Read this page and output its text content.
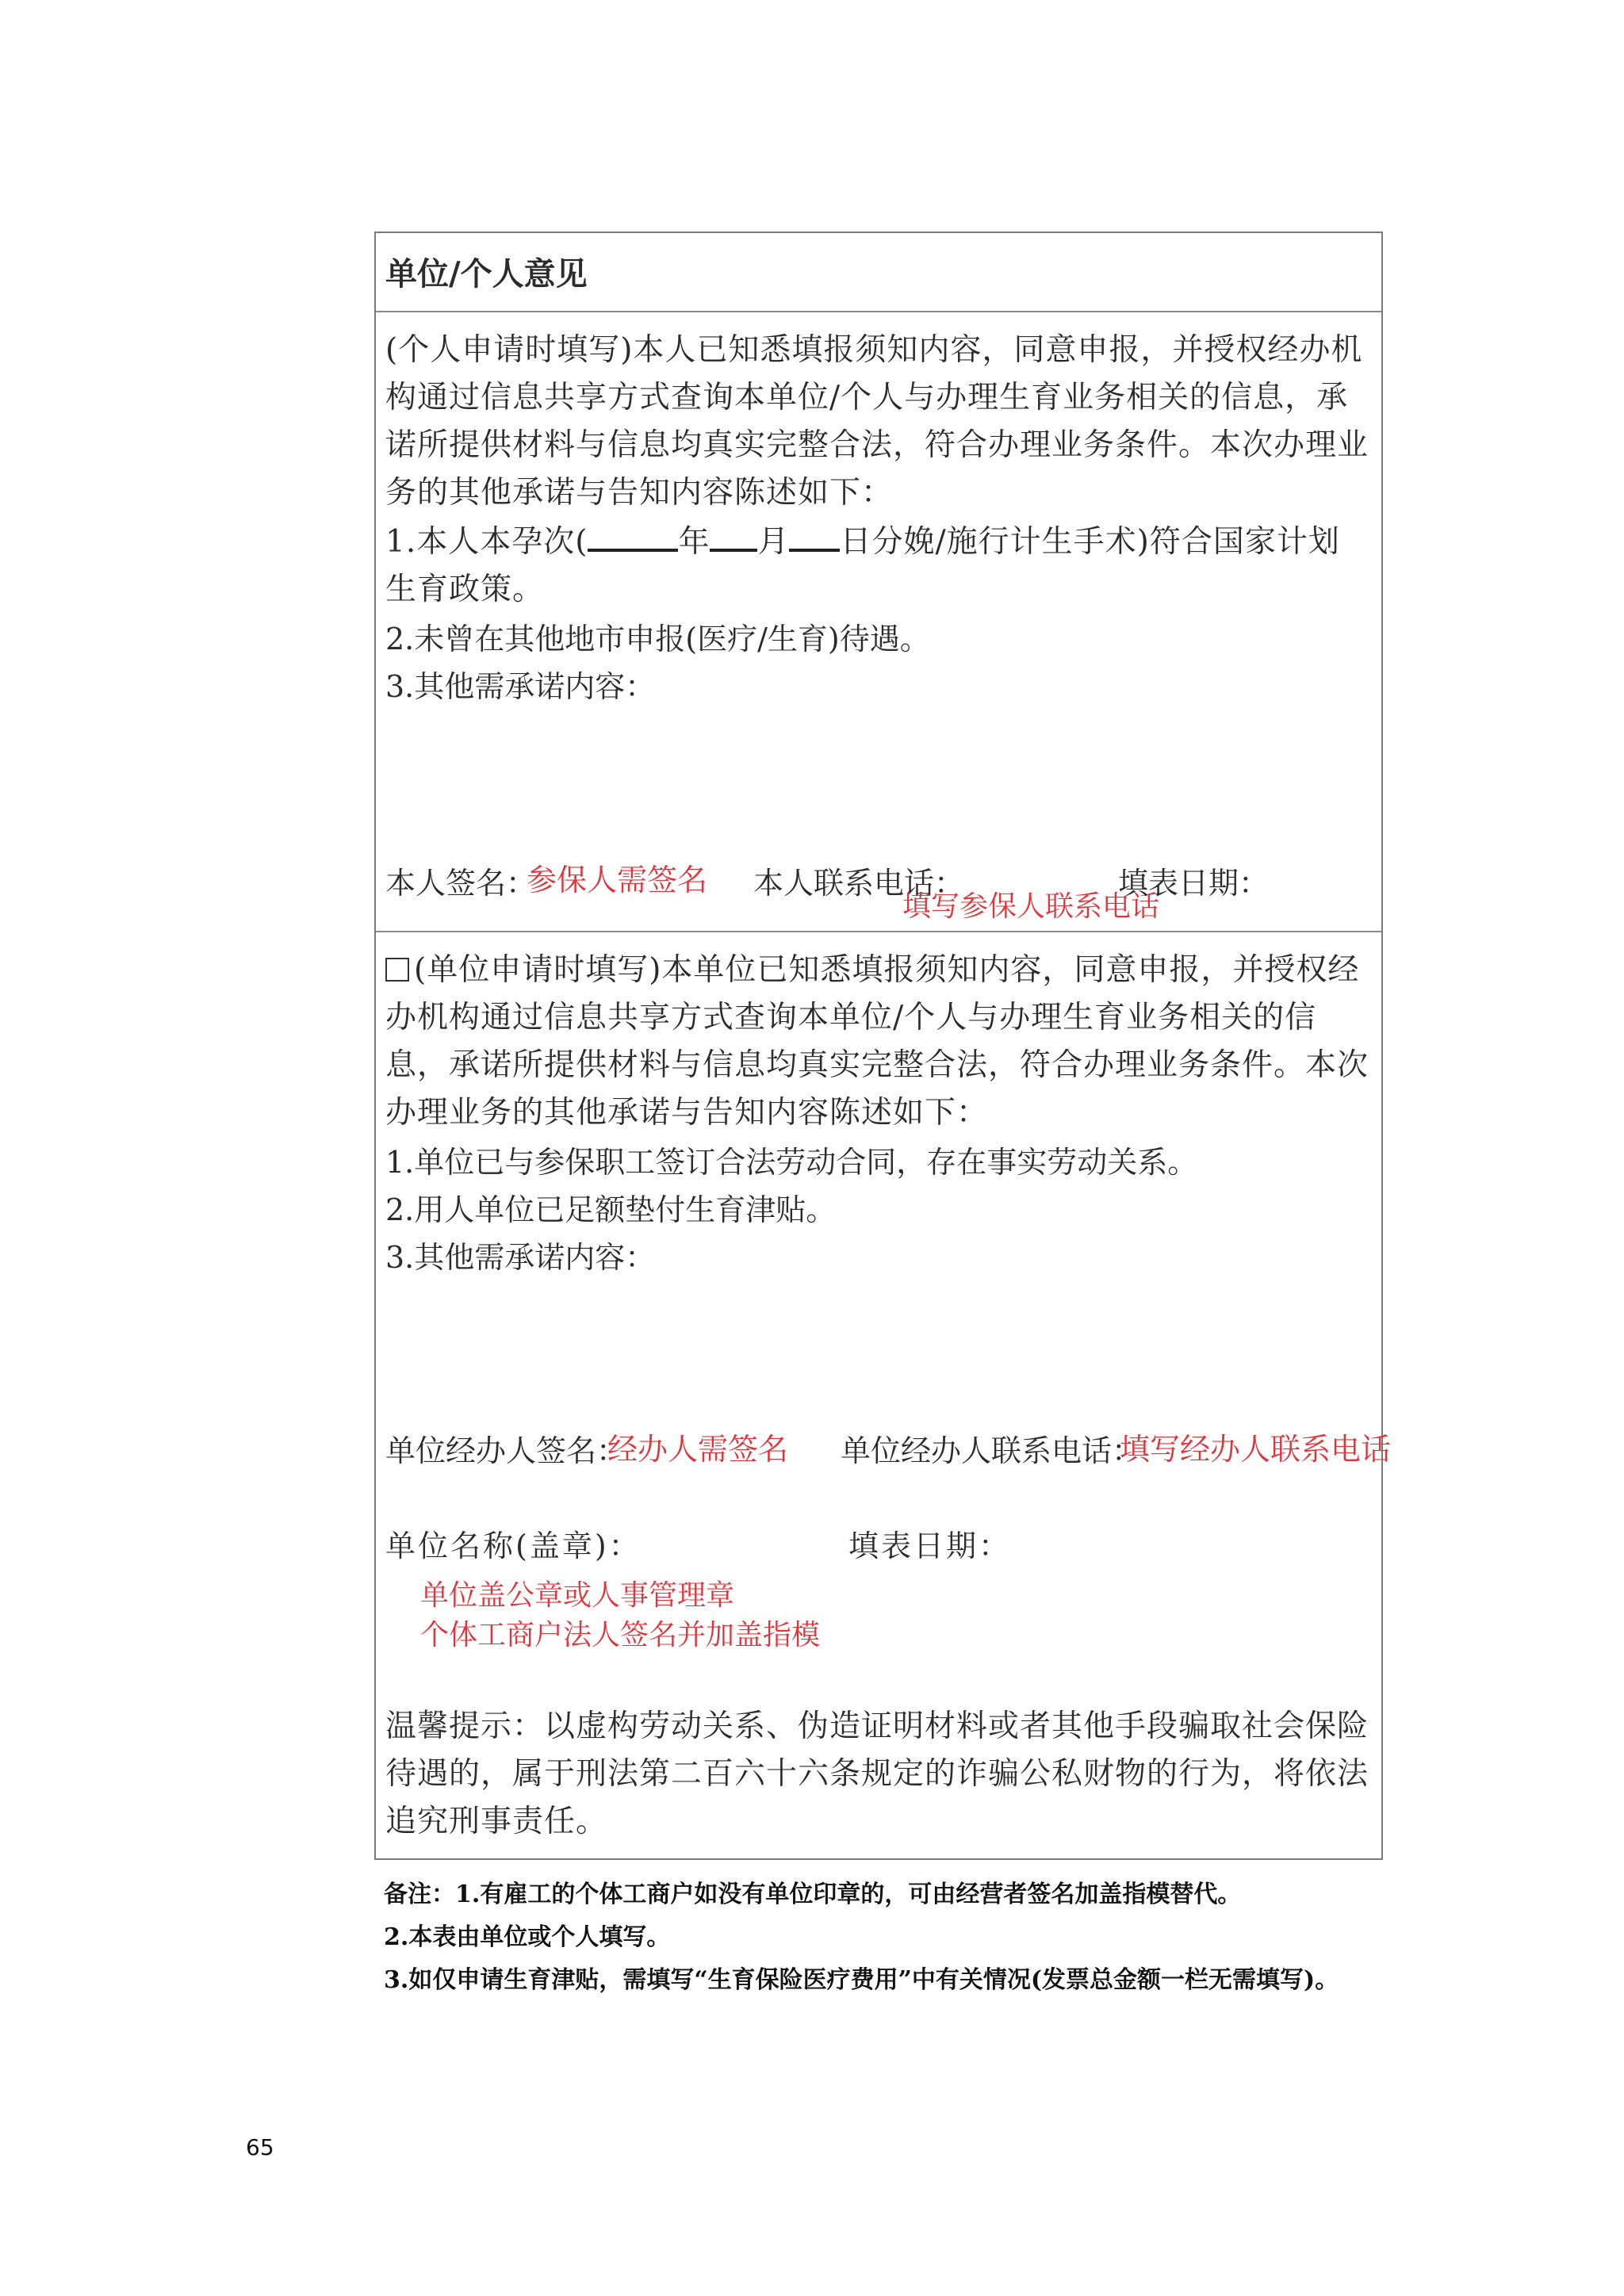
单位/个人意见
(个人申请时填写)本人已知悉填报须知内容，同意申报，并授权经办机构通过信息共享方式查询本单位/个人与办理生育业务相关的信息，承诺所提供材料与信息均真实完整合法，符合办理业务条件。本次办理业务的其他承诺与告知内容陈述如下：
1.本人本孕次(	年 月 日分娩/施行计生手术)符合国家计划生育政策。
2.未曾在其他地市申报(医疗/生育)待遇。
3.其他需承诺内容：
本人签名：
参保人需签名 本人联系电话：
填写参保人联系电话
填表日期：
(单位申请时填写)本单位已知悉填报须知内容，同意申报，并授权经办机构通过信息共享方式查询本单位/个人与办理生育业务相关的信息，承诺所提供材料与信息均真实完整合法，符合办理业务条件。本次办理业务的其他承诺与告知内容陈述如下：
1.单位已与参保职工签订合法劳动合同，存在事实劳动关系。
2.用人单位已足额垫付生育津贴。
3.其他需承诺内容：
单位经办人签名：
经办人需签名 单位经办人联系电话：
填写经办人联系电话
单位名称(盖章)：	填表日期：
单位盖公章或人事管理章
个体工商户法人签名并加盖指模
温馨提示：以虚构劳动关系、伪造证明材料或者其他手段骗取社会保险待遇的，属于刑法第二百六十六条规定的诈骗公私财物的行为，将依法追究刑事责任。
备注：1.有雇工的个体工商户如没有单位印章的，可由经营者签名加盖指模替代。
2.本表由单位或个人填写。
3.如仅申请生育津贴，需填写“生育保险医疗费用”中有关情况(发票总金额一栏无需填写)。
65
